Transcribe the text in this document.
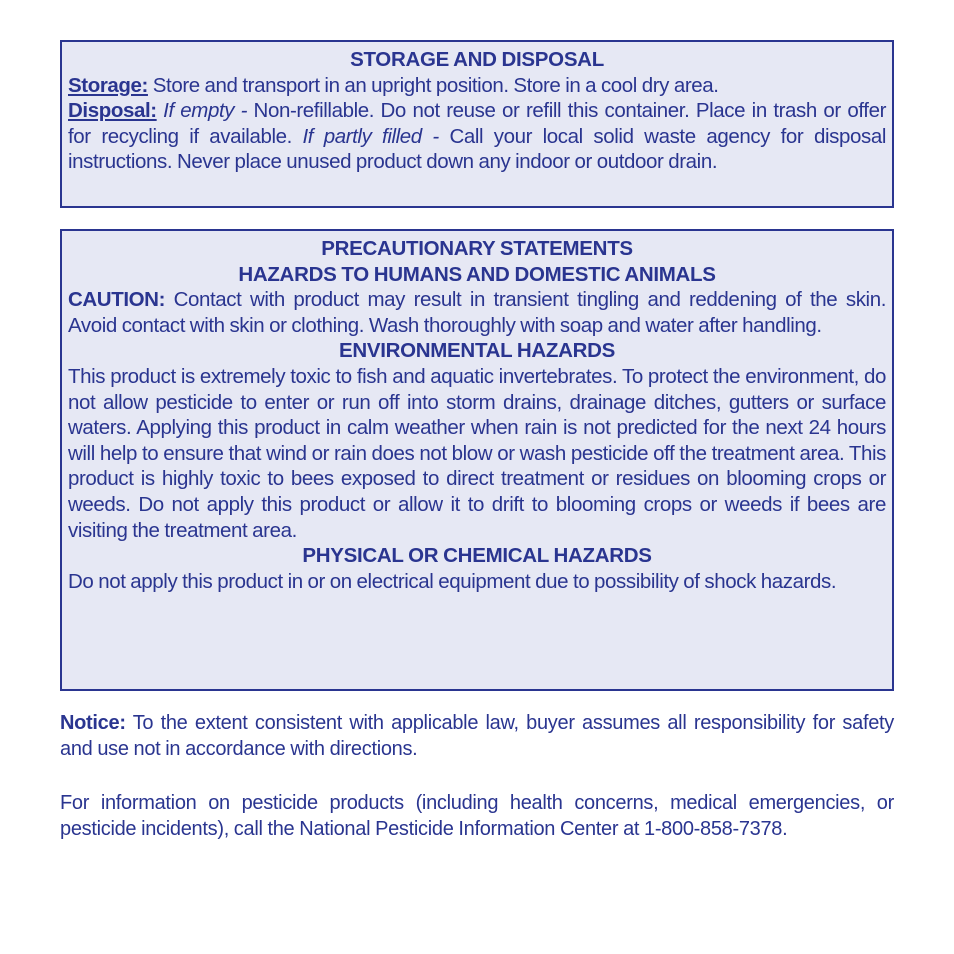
STORAGE AND DISPOSAL
Storage: Store and transport in an upright position. Store in a cool dry area.
Disposal: If empty - Non-refillable. Do not reuse or refill this container. Place in trash or offer for recycling if available. If partly filled - Call your local solid waste agency for disposal instructions. Never place unused product down any indoor or outdoor drain.
PRECAUTIONARY STATEMENTS
HAZARDS TO HUMANS AND DOMESTIC ANIMALS
CAUTION: Contact with product may result in transient tingling and reddening of the skin. Avoid contact with skin or clothing. Wash thoroughly with soap and water after handling.
ENVIRONMENTAL HAZARDS
This product is extremely toxic to fish and aquatic invertebrates. To protect the environment, do not allow pesticide to enter or run off into storm drains, drainage ditches, gutters or surface waters. Applying this product in calm weather when rain is not predicted for the next 24 hours will help to ensure that wind or rain does not blow or wash pesticide off the treatment area. This product is highly toxic to bees exposed to direct treatment or residues on blooming crops or weeds. Do not apply this product or allow it to drift to blooming crops or weeds if bees are visiting the treatment area.
PHYSICAL OR CHEMICAL HAZARDS
Do not apply this product in or on electrical equipment due to possibility of shock hazards.
Notice: To the extent consistent with applicable law, buyer assumes all responsibility for safety and use not in accordance with directions.
For information on pesticide products (including health concerns, medical emergencies, or pesticide incidents), call the National Pesticide Information Center at 1-800-858-7378.
